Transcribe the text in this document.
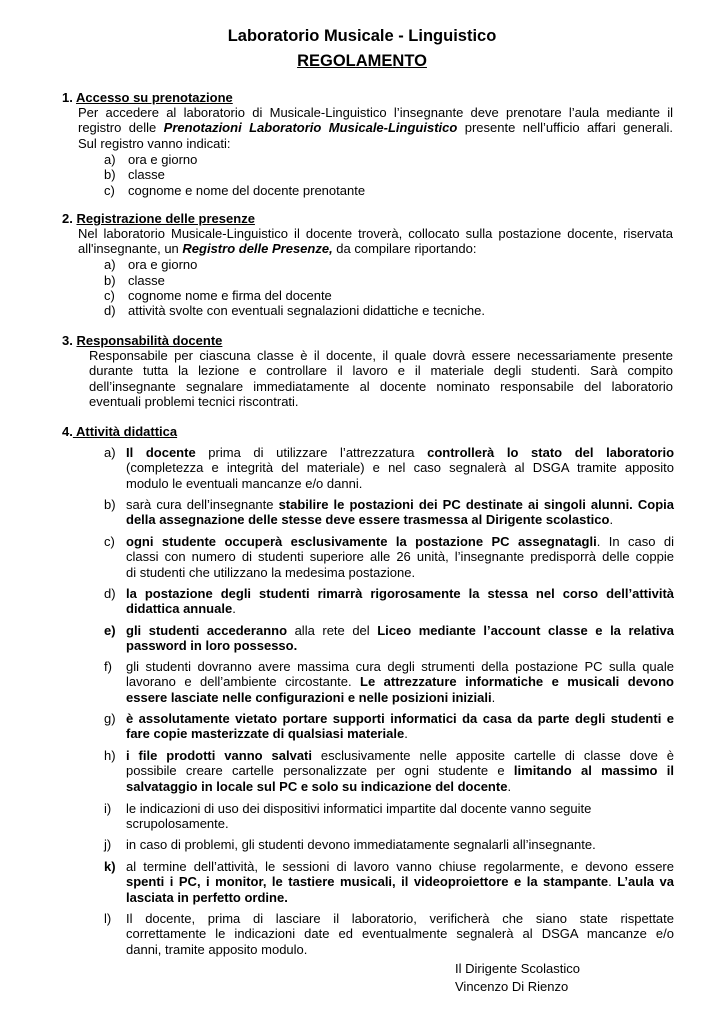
Laboratorio Musicale - Linguistico
REGOLAMENTO
1. Accesso su prenotazione
Per accedere al laboratorio di Musicale-Linguistico l’insegnante deve prenotare l’aula mediante il
registro delle Prenotazioni Laboratorio Musicale-Linguistico presente nell’ufficio affari generali.
Sul registro vanno indicati:
a) ora e giorno
b) classe
c) cognome e nome del docente prenotante
2. Registrazione delle presenze
Nel laboratorio Musicale-Linguistico il docente troverà, collocato sulla postazione docente, riservata
all'insegnante, un Registro delle Presenze, da compilare riportando:
a) ora e giorno
b) classe
c) cognome nome e firma del docente
d) attività svolte con eventuali segnalazioni didattiche e tecniche.
3. Responsabilità docente
Responsabile per ciascuna classe è il docente, il quale dovrà essere necessariamente presente
durante tutta la lezione e controllare il lavoro e il materiale degli studenti. Sarà compito
dell’insegnante segnalare immediatamente al docente nominato responsabile del laboratorio
eventuali problemi tecnici riscontrati.
4. Attività didattica
a) Il docente prima di utilizzare l’attrezzatura controllerà lo stato del laboratorio
(completezza e integrità del materiale) e nel caso segnalerà al DSGA tramite apposito
modulo le eventuali mancanze e/o danni.
b) sarà cura dell’insegnante stabilire le postazioni dei PC destinate ai singoli alunni. Copia
della assegnazione delle stesse deve essere trasmessa al Dirigente scolastico.
c) ogni studente occuperà esclusivamente la postazione PC assegnatagli. In caso di
classi con numero di studenti superiore alle 26 unità, l’insegnante predisporrà delle coppie
di studenti che utilizzano la medesima postazione.
d) la postazione degli studenti rimarrà rigorosamente la stessa nel corso dell’attività
didattica annuale.
e) gli studenti accederanno alla rete del Liceo mediante l’account classe e la relativa
password in loro possesso.
f) gli studenti dovranno avere massima cura degli strumenti della postazione PC sulla quale
lavorano e dell’ambiente circostante. Le attrezzature informatiche e musicali devono
essere lasciate nelle configurazioni e nelle posizioni iniziali.
g) è assolutamente vietato portare supporti informatici da casa da parte degli studenti e
fare copie masterizzate di qualsiasi materiale.
h) i file prodotti vanno salvati esclusivamente nelle apposite cartelle di classe dove è
possibile creare cartelle personalizzate per ogni studente e limitando al massimo il
salvataggio in locale sul PC e solo su indicazione del docente.
i) le indicazioni di uso dei dispositivi informatici impartite dal docente vanno seguite
scrupolosamente.
j) in caso di problemi, gli studenti devono immediatamente segnalarli all’insegnante.
k) al termine dell’attività, le sessioni di lavoro vanno chiuse regolarmente, e devono essere
spenti i PC, i monitor, le tastiere musicali, il videoproiettore e la stampante. L’aula va
lasciata in perfetto ordine.
l) Il docente, prima di lasciare il laboratorio, verificherà che siano state rispettate
correttamente le indicazioni date ed eventualmente segnalerà al DSGA mancanze e/o
danni, tramite apposito modulo.
Il Dirigente Scolastico
Vincenzo Di Rienzo
